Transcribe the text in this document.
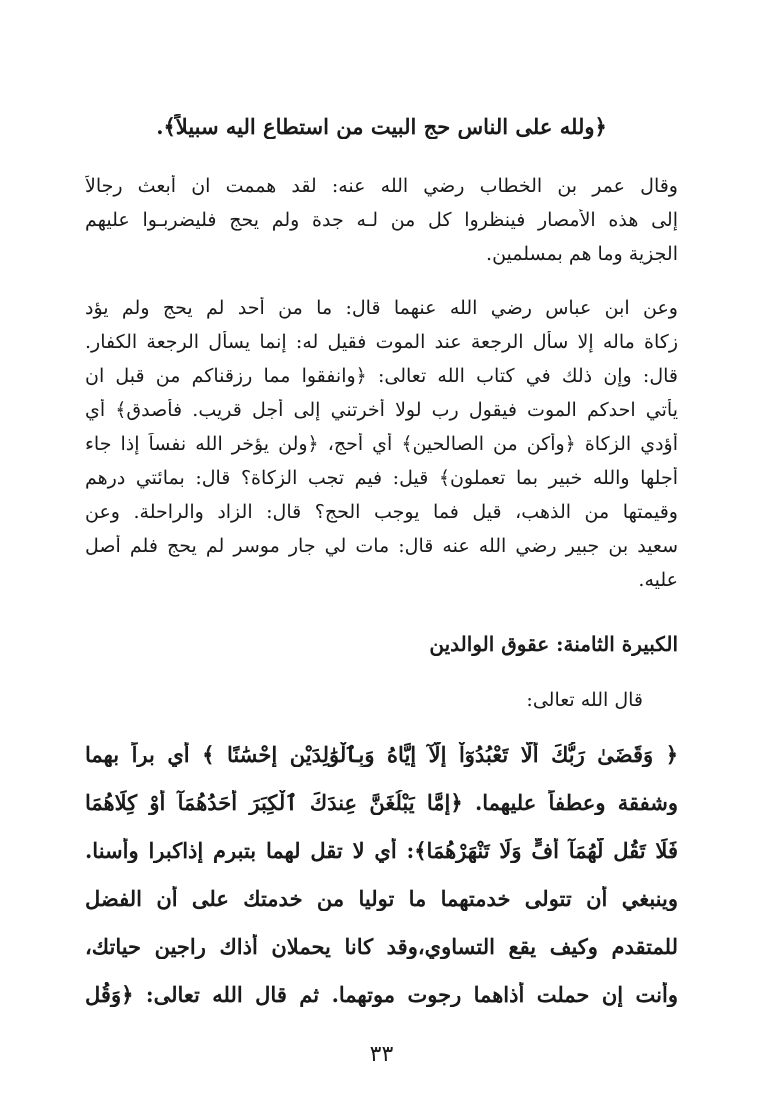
﴿ولله على الناس حج البيت من استطاع اليه سبيلاً﴾.
وقال عمر بن الخطاب رضي الله عنه: لقد هممت ان أبعث رجالاً
إلى هذه الأمصار فينظروا كل من لـه جدة ولم يحج فليضربـوا عليهم
الجزية وما هم بمسلمين.
وعن ابن عباس رضي الله عنهما قال: ما من أحد لم يحج ولم يؤد
زكاة ماله إلا سأل الرجعة عند الموت فقيل له: إنما يسأل الرجعة الكفار.
قال: وإن ذلك في كتاب الله تعالى: ﴿وانفقوا مما رزقناكم من قبل ان
يأتي احدكم الموت فيقول رب لولا أخرتني إلى أجل قريب. فأصدق﴾ أي
أؤدي الزكاة ﴿وأكن من الصالحين﴾ أي أحج، ﴿ولن يؤخر الله نفساً إذا جاء
أجلها والله خبير بما تعملون﴾ قيل: فيم تجب الزكاة؟ قال: بمائتي درهم
وقيمتها من الذهب، قيل فما يوجب الحج؟ قال: الزاد والراحلة. وعن
سعيد بن جبير رضي الله عنه قال: مات لي جار موسر لم يحج فلم أصل
عليه.
الكبيرة الثامنة: عقوق الوالدين
قال الله تعالى:
﴿ وَقَضَىٰ رَبُّكَ أَلَّا تَعْبُدُوٓاْ إِلَّآ إِيَّاهُ وَبِٱلْوَٰلِدَيْنِ إِحْسَٰنًا ﴾ أي براً بهما
وشفقة وعطفاً عليهما. ﴿إِمَّا يَبْلُغَنَّ عِندَكَ ٱلْكِبَرَ أَحَدُهُمَآ أَوْ كِلَاهُمَا
فَلَا تَقُل لَّهُمَآ أُفٍّ وَلَا تَنْهَرْهُمَا﴾: أي لا تقل لهما بتبرم إذاكبرا وأسنا.
وينبغي أن تتولى خدمتهما ما توليا من خدمتك على أن الفضل
للمتقدم وكيف يقع التساوي،وقد كانا يحملان أذاك راجين حياتك،
وأنت إن حملت أذاهما رجوت موتهما. ثم قال الله تعالى: ﴿وَقُل
٣٣
